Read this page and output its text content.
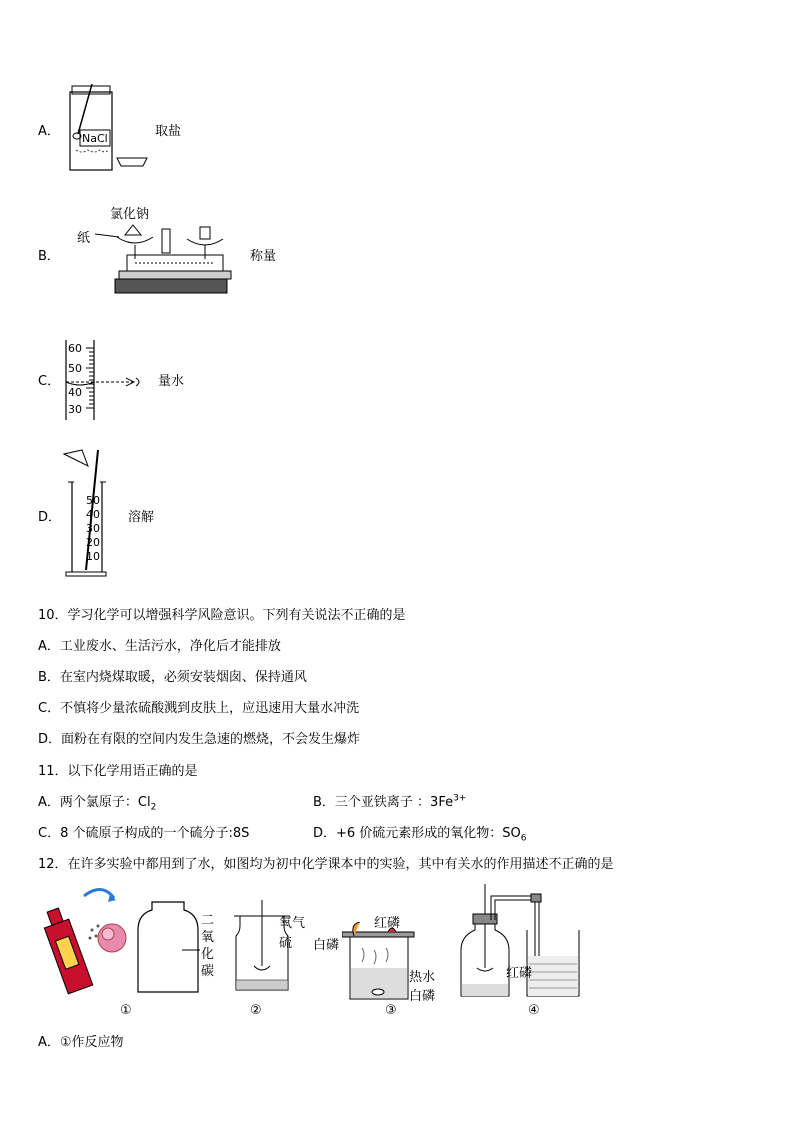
A． NaCl	取盐
B．
氯化钠
纸
称量
C．
60
50
40
30
量水
D．
50
40
30
20
10
溶解
10．学习化学可以增强科学风险意识。下列有关说法不正确的是
A．工业废水、生活污水，净化后才能排放
B．在室内烧煤取暖，必须安装烟囱、保持通风
C．不慎将少量浓硫酸溅到皮肤上，应迅速用大量水冲洗
D．面粉在有限的空间内发生急速的燃烧，不会发生爆炸
11．以下化学用语正确的是
A．两个氯原子：$Cl_2$	B．三个亚铁离子 ：$3Fe^{3+}$
C．8 个硫原子构成的一个硫分子:8S	D．+6 价硫元素形成的氧化物：$SO_6$
12．在许多实验中都用到了水，如图均为初中化学课本中的实验，其中有关水的作用描述不正确的是
二氧化碳
①
氧气
硫
②
红磷
白磷
热水
白磷
③
红磷
④
A．①作反应物
